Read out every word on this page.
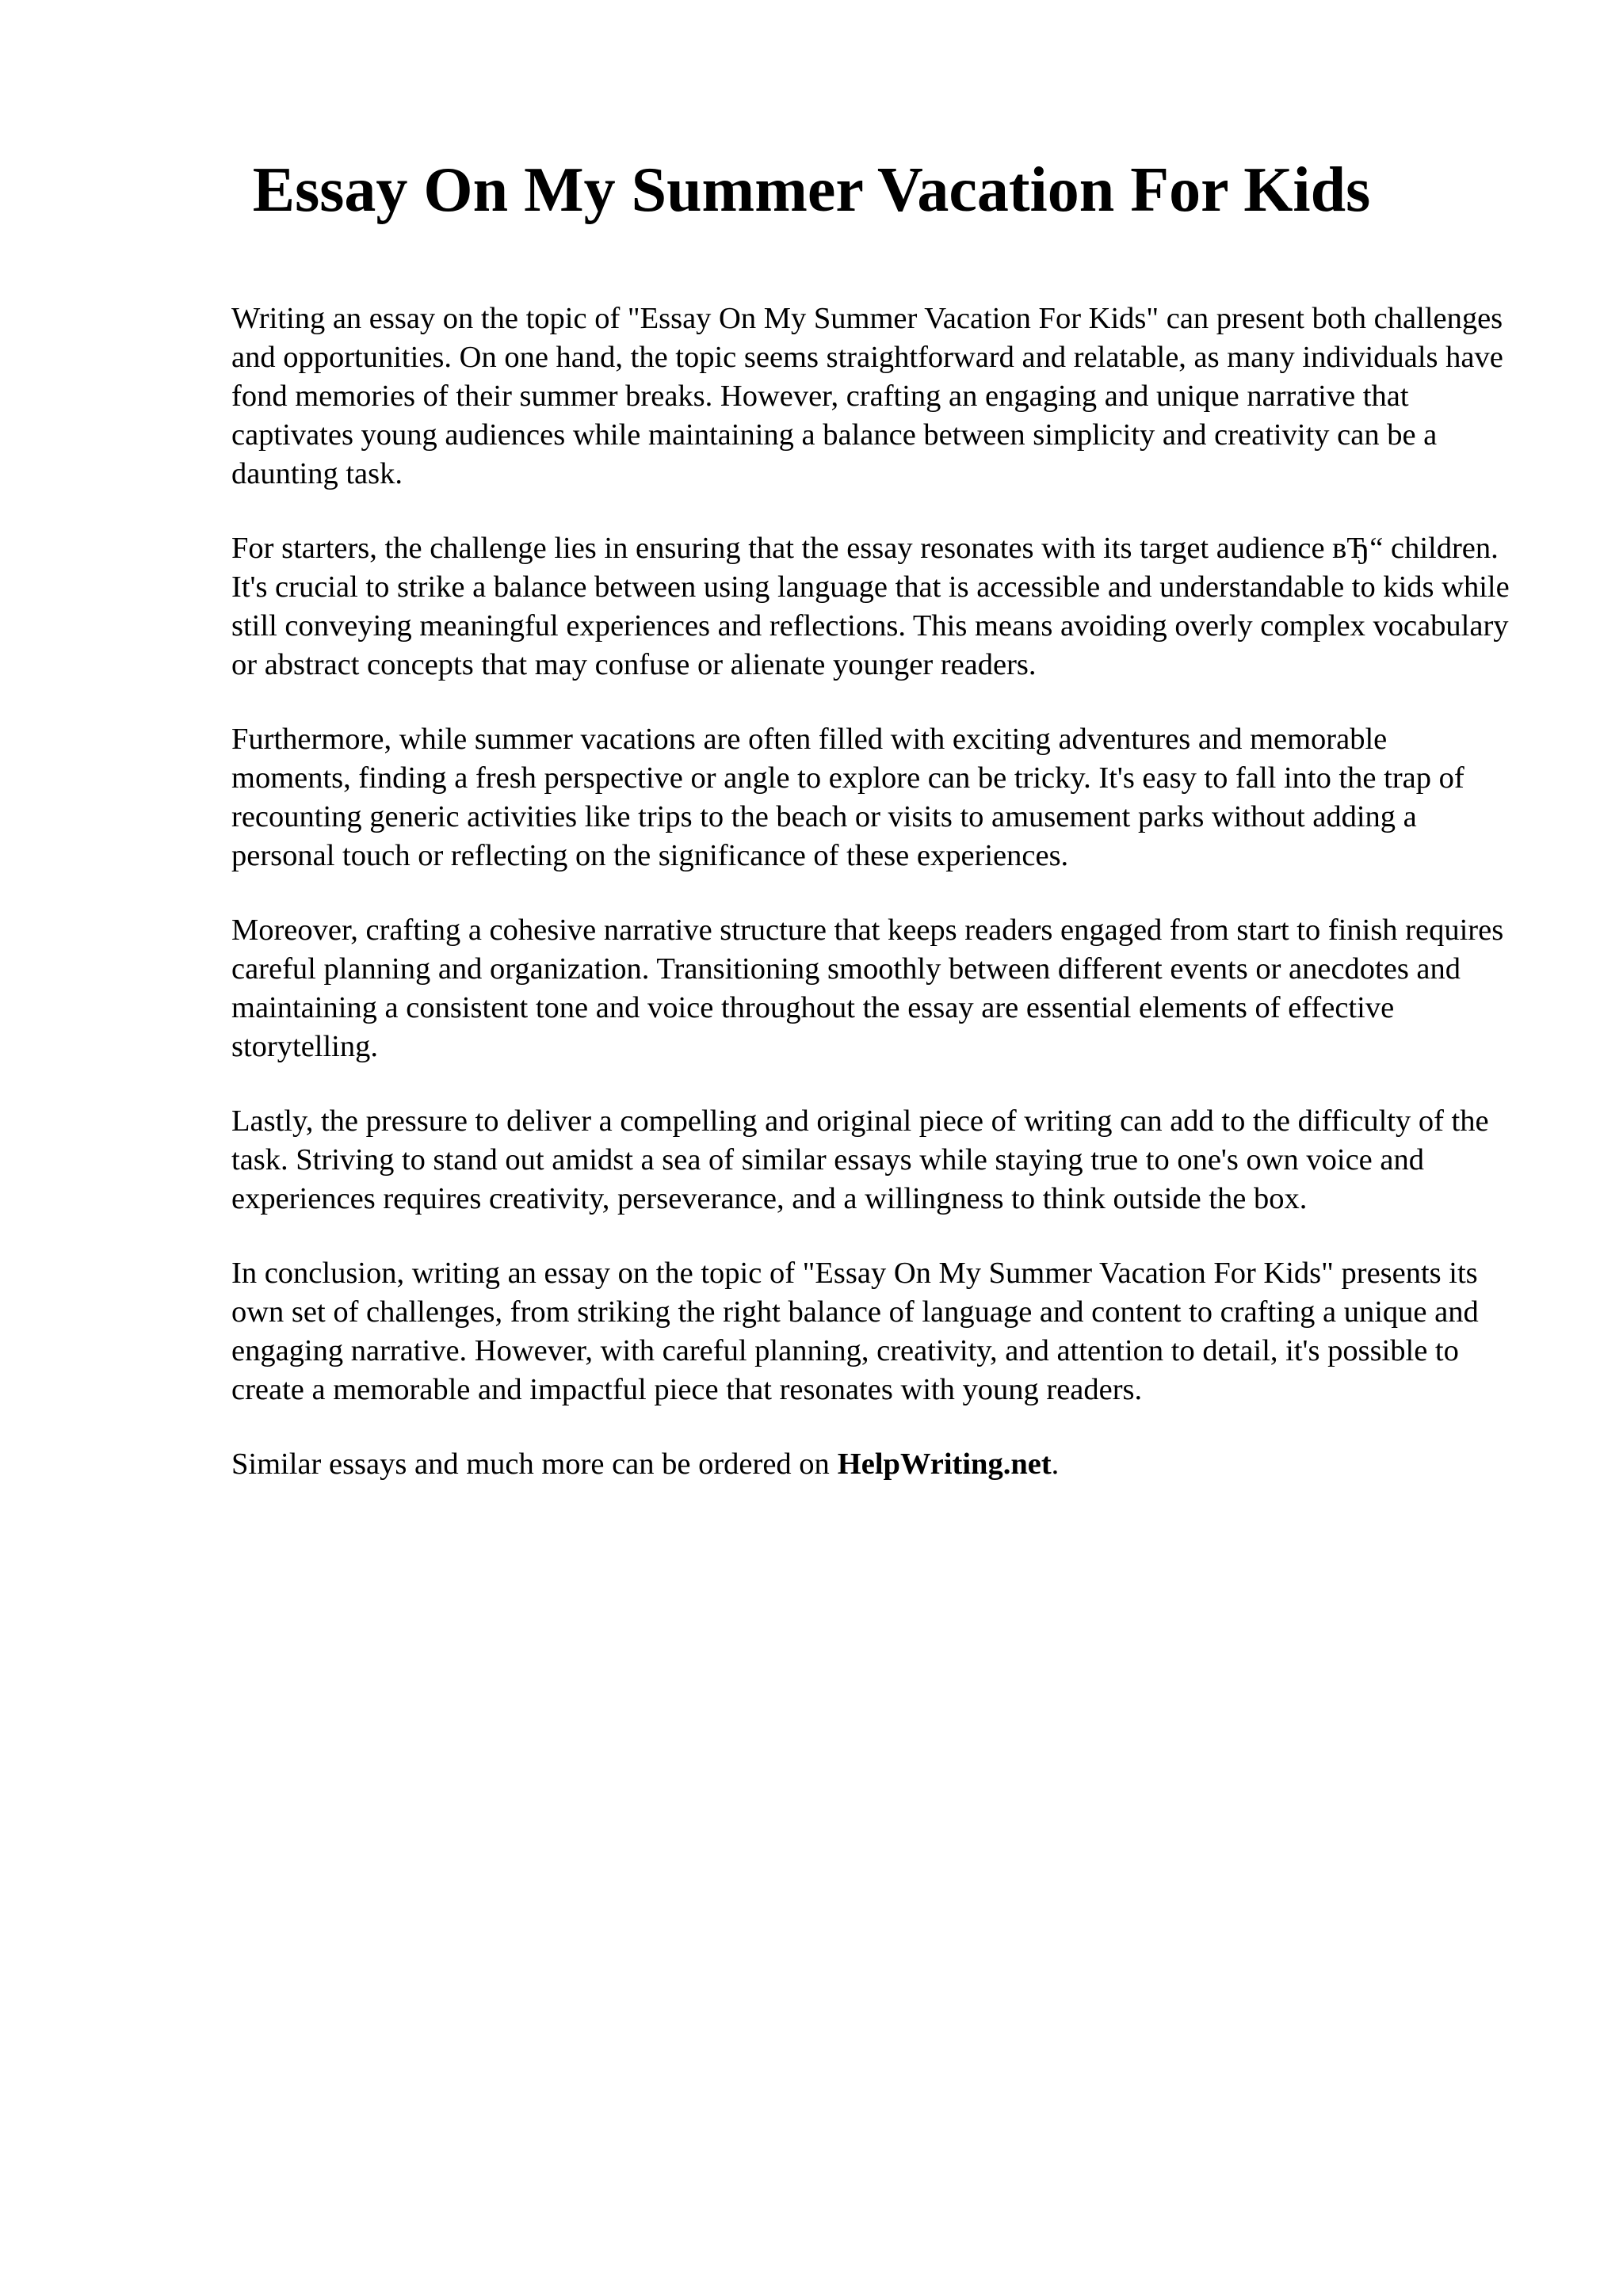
Essay On My Summer Vacation For Kids

Writing an essay on the topic of "Essay On My Summer Vacation For Kids" can present both challenges and opportunities. On one hand, the topic seems straightforward and relatable, as many individuals have fond memories of their summer breaks. However, crafting an engaging and unique narrative that captivates young audiences while maintaining a balance between simplicity and creativity can be a daunting task.

For starters, the challenge lies in ensuring that the essay resonates with its target audience вЂ“ children. It's crucial to strike a balance between using language that is accessible and understandable to kids while still conveying meaningful experiences and reflections. This means avoiding overly complex vocabulary or abstract concepts that may confuse or alienate younger readers.

Furthermore, while summer vacations are often filled with exciting adventures and memorable moments, finding a fresh perspective or angle to explore can be tricky. It's easy to fall into the trap of recounting generic activities like trips to the beach or visits to amusement parks without adding a personal touch or reflecting on the significance of these experiences.

Moreover, crafting a cohesive narrative structure that keeps readers engaged from start to finish requires careful planning and organization. Transitioning smoothly between different events or anecdotes and maintaining a consistent tone and voice throughout the essay are essential elements of effective storytelling.

Lastly, the pressure to deliver a compelling and original piece of writing can add to the difficulty of the task. Striving to stand out amidst a sea of similar essays while staying true to one's own voice and experiences requires creativity, perseverance, and a willingness to think outside the box.

In conclusion, writing an essay on the topic of "Essay On My Summer Vacation For Kids" presents its own set of challenges, from striking the right balance of language and content to crafting a unique and engaging narrative. However, with careful planning, creativity, and attention to detail, it's possible to create a memorable and impactful piece that resonates with young readers.

Similar essays and much more can be ordered on HelpWriting.net.
